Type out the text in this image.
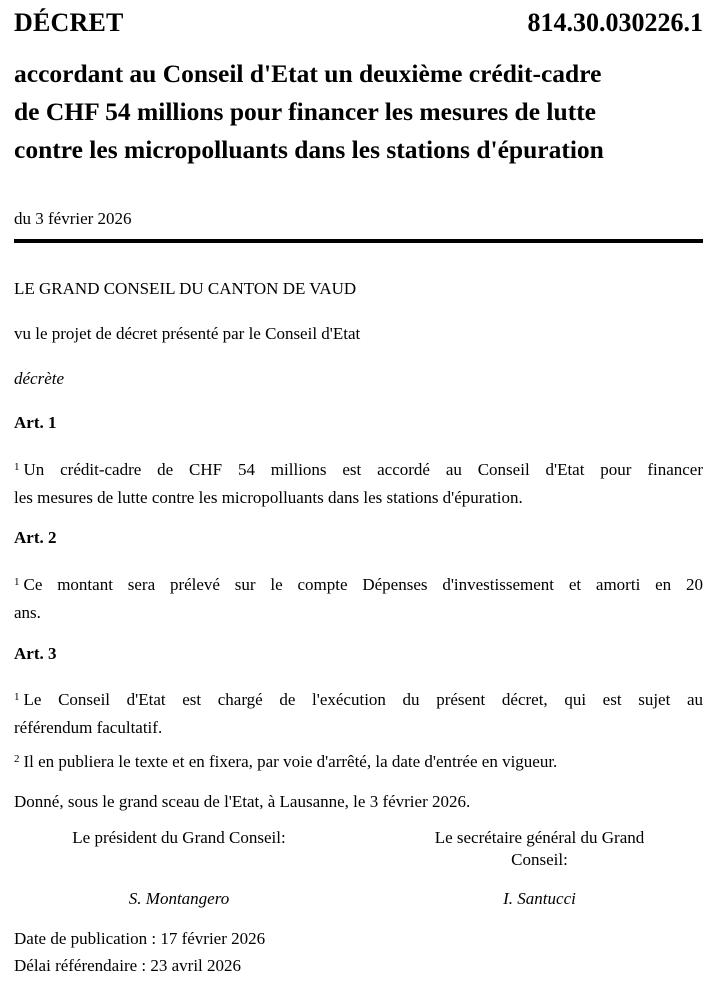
DÉCRET	814.30.030226.1
accordant au Conseil d'Etat un deuxième crédit-cadre
de CHF 54 millions pour financer les mesures de lutte
contre les micropolluants dans les stations d'épuration
du 3 février 2026
LE GRAND CONSEIL DU CANTON DE VAUD
vu le projet de décret présenté par le Conseil d'Etat
décrète
Art. 1
$^1$ Un crédit-cadre de CHF 54 millions est accordé au Conseil d'Etat pour financer
les mesures de lutte contre les micropolluants dans les stations d'épuration.
Art. 2
$^1$ Ce montant sera prélevé sur le compte Dépenses d'investissement et amorti en 20
ans.
Art. 3
$^1$ Le Conseil d'Etat est chargé de l'exécution du présent décret, qui est sujet au
référendum facultatif.
$^2$ Il en publiera le texte et en fixera, par voie d'arrêté, la date d'entrée en vigueur.
Donné, sous le grand sceau de l'Etat, à Lausanne, le 3 février 2026.
Le président du Grand Conseil:	Le secrétaire général du Grand
Conseil:
S. Montangero	I. Santucci
Date de publication : 17 février 2026
Délai référendaire : 23 avril 2026
